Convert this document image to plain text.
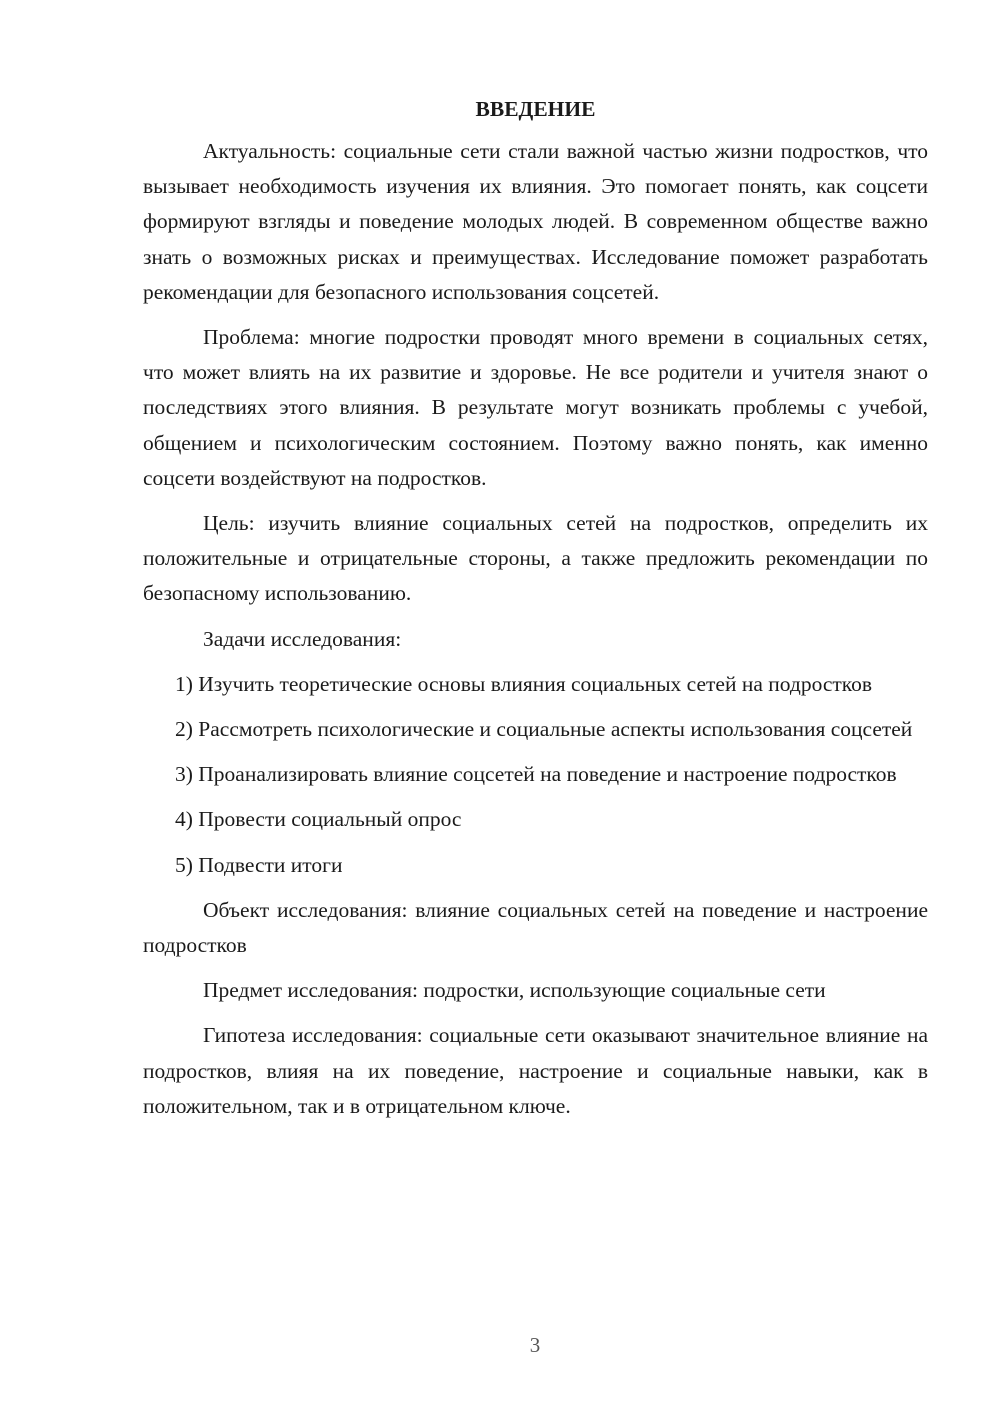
ВВЕДЕНИЕ

Актуальность: социальные сети стали важной частью жизни подростков, что вызывает необходимость изучения их влияния. Это помогает понять, как соцсети формируют взгляды и поведение молодых людей. В современном обществе важно знать о возможных рисках и преимуществах. Исследование поможет разработать рекомендации для безопасного использования соцсетей.

Проблема: многие подростки проводят много времени в социальных сетях, что может влиять на их развитие и здоровье. Не все родители и учителя знают о последствиях этого влияния. В результате могут возникать проблемы с учебой, общением и психологическим состоянием. Поэтому важно понять, как именно соцсети воздействуют на подростков.

Цель: изучить влияние социальных сетей на подростков, определить их положительные и отрицательные стороны, а также предложить рекомендации по безопасному использованию.

Задачи исследования:

1) Изучить теоретические основы влияния социальных сетей на подростков

2) Рассмотреть психологические и социальные аспекты использования соцсетей

3) Проанализировать влияние соцсетей на поведение и настроение подростков

4) Провести социальный опрос

5) Подвести итоги

Объект исследования: влияние социальных сетей на поведение и настроение подростков

Предмет исследования: подростки, использующие социальные сети

Гипотеза исследования: социальные сети оказывают значительное влияние на подростков, влияя на их поведение, настроение и социальные навыки, как в положительном, так и в отрицательном ключе.

3
